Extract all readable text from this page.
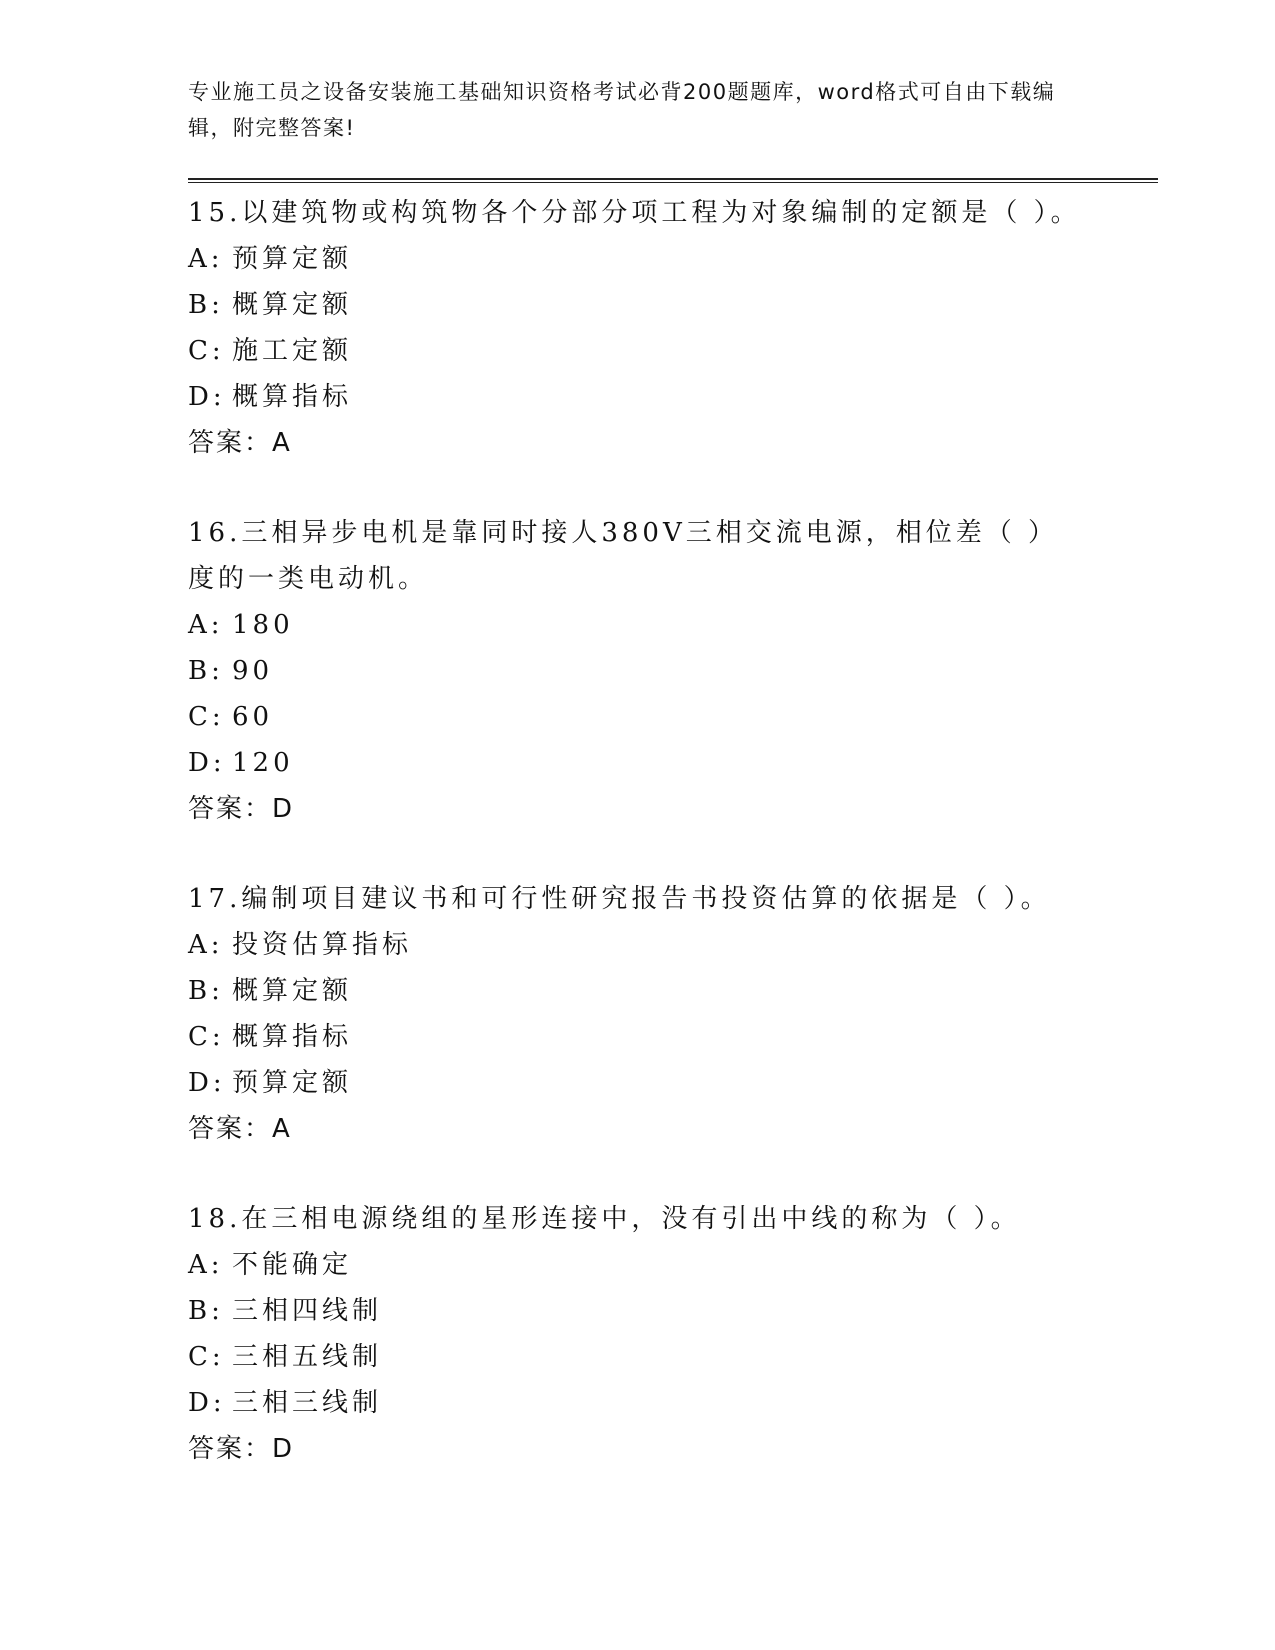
专业施工员之设备安装施工基础知识资格考试必背200题题库，word格式可自由下载编辑，附完整答案!

15.以建筑物或构筑物各个分部分项工程为对象编制的定额是（ ）。

A: 预算定额
B: 概算定额
C: 施工定额
D: 概算指标
答案：A

16.三相异步电机是靠同时接人380V三相交流电源，相位差（ ）度的一类电动机。

A: 180
B: 90
C: 60
D: 120
答案：D

17.编制项目建议书和可行性研究报告书投资估算的依据是（ ）。

A: 投资估算指标
B: 概算定额
C: 概算指标
D: 预算定额
答案：A

18.在三相电源绕组的星形连接中，没有引出中线的称为（ ）。

A: 不能确定
B: 三相四线制
C: 三相五线制
D: 三相三线制
答案：D
